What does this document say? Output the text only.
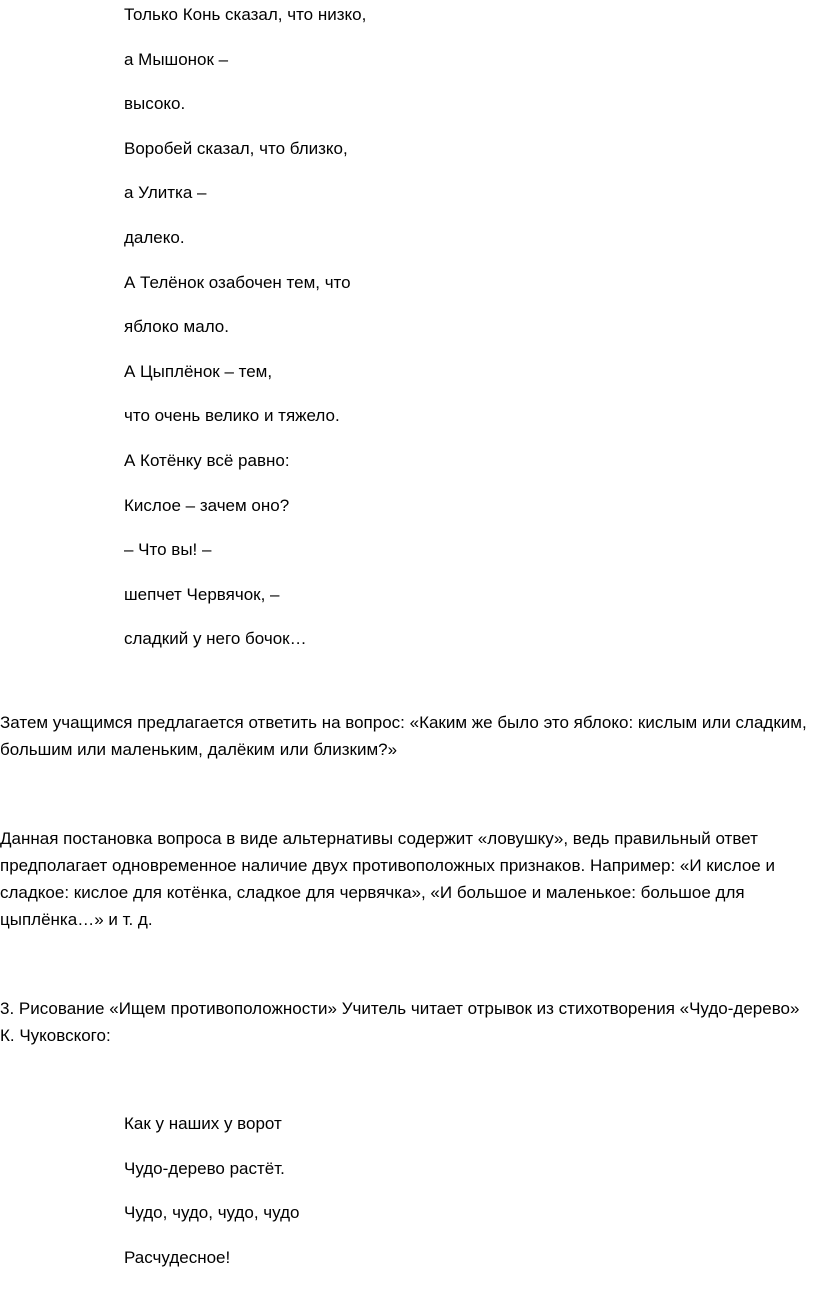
Только Конь сказал, что низко,
а Мышонок –
высоко.
Воробей сказал, что близко,
а Улитка –
далеко.
А Телёнок озабочен тем, что
яблоко мало.
А Цыплёнок – тем,
что очень велико и тяжело.
А Котёнку всё равно:
Кислое – зачем оно?
– Что вы! –
шепчет Червячок, –
сладкий у него бочок…

Затем учащимся предлагается ответить на вопрос: «Каким же было это яблоко: кислым или сладким, большим или маленьким, далёким или близким?»

Данная постановка вопроса в виде альтернативы содержит «ловушку», ведь правильный ответ предполагает одновременное наличие двух противоположных признаков. Например: «И кислое и сладкое: кислое для котёнка, сладкое для червячка», «И большое и маленькое: большое для цыплёнка…» и т. д.

3. Рисование «Ищем противоположности» Учитель читает отрывок из стихотворения «Чудо-дерево» К. Чуковского:

Как у наших у ворот
Чудо-дерево растёт.
Чудо, чудо, чудо, чудо
Расчудесное!
